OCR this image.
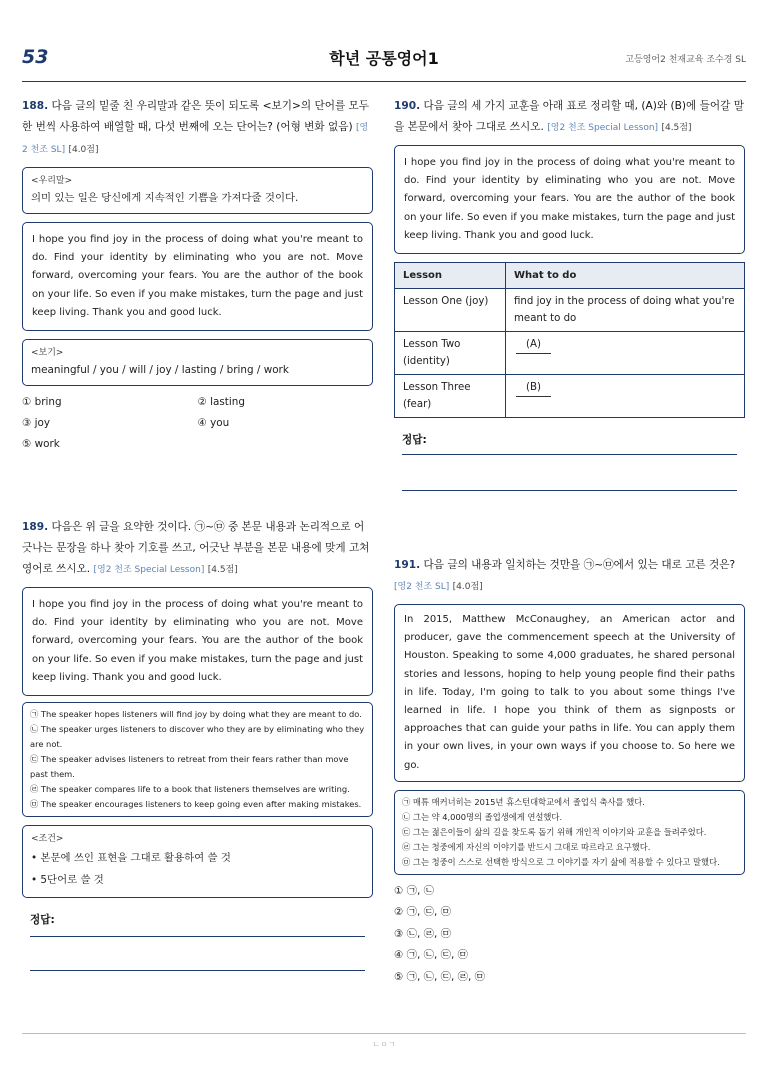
53	학년 공통영어1	고등영어2 천재교육 조수경 SL
188. 다음 글의 밑줄 친 우리말과 같은 뜻이 되도록 <보기>의 단어를 모두 한 번씩 사용하여 배열할 때, 다섯 번째에 오는 단어는? (어형 변화 없음) [영2 천조 SL] [4.0점]
<우리말>
의미 있는 일은 당신에게 지속적인 기쁨을 가져다줄 것이다.
I hope you find joy in the process of doing what you're meant to do. Find your identity by eliminating who you are not. Move forward, overcoming your fears. You are the author of the book on your life. So even if you make mistakes, turn the page and just keep living. Thank you and good luck.
<보기>
meaningful / you / will / joy / lasting / bring / work
① bring	② lasting
③ joy	④ you
⑤ work
190. 다음 글의 세 가지 교훈을 아래 표로 정리할 때, (A)와 (B)에 들어갈 말을 본문에서 찾아 그대로 쓰시오. [영2 천조 Special Lesson] [4.5점]
I hope you find joy in the process of doing what you're meant to do. Find your identity by eliminating who you are not. Move forward, overcoming your fears. You are the author of the book on your life. So even if you make mistakes, turn the page and just keep living. Thank you and good luck.
Lesson	What to do
Lesson One (joy)	find joy in the process of doing what you're meant to do
Lesson Two (identity)	(A)
Lesson Three (fear)	(B)
정답:
189. 다음은 위 글을 요약한 것이다. ㉠~㉤ 중 본문 내용과 논리적으로 어긋나는 문장을 하나 찾아 기호를 쓰고, 어긋난 부분을 본문 내용에 맞게 고쳐 영어로 쓰시오. [영2 천조 Special Lesson] [4.5점]
I hope you find joy in the process of doing what you're meant to do. Find your identity by eliminating who you are not. Move forward, overcoming your fears. You are the author of the book on your life. So even if you make mistakes, turn the page and just keep living. Thank you and good luck.
㉠ The speaker hopes listeners will find joy by doing what they are meant to do.
㉡ The speaker urges listeners to discover who they are by eliminating who they are not.
㉢ The speaker advises listeners to retreat from their fears rather than move past them.
㉣ The speaker compares life to a book that listeners themselves are writing.
㉤ The speaker encourages listeners to keep going even after making mistakes.
<조건>
• 본문에 쓰인 표현을 그대로 활용하여 쓸 것
• 5단어로 쓸 것
정답:
191. 다음 글의 내용과 일치하는 것만을 ㉠~㉤에서 있는 대로 고른 것은? [영2 천조 SL] [4.0점]
In 2015, Matthew McConaughey, an American actor and producer, gave the commencement speech at the University of Houston. Speaking to some 4,000 graduates, he shared personal stories and lessons, hoping to help young people find their paths in life. Today, I'm going to talk to you about some things I've learned in life. I hope you think of them as signposts or approaches that can guide your paths in life. You can apply them in your own lives, in your own ways if you choose to. So here we go.
㉠ 매튜 매커너히는 2015년 휴스턴대학교에서 졸업식 축사를 했다.
㉡ 그는 약 4,000명의 졸업생에게 연설했다.
㉢ 그는 젊은이들이 삶의 길을 찾도록 돕기 위해 개인적 이야기와 교훈을 들려주었다.
㉣ 그는 청중에게 자신의 이야기를 반드시 그대로 따르라고 요구했다.
㉤ 그는 청중이 스스로 선택한 방식으로 그 이야기를 자기 삶에 적용할 수 있다고 말했다.
① ㉠, ㉡
② ㉠, ㉢, ㉤
③ ㉡, ㉣, ㉤
④ ㉠, ㉡, ㉢, ㉤
⑤ ㉠, ㉡, ㉢, ㉣, ㉤
ㄴㅇㄱ
